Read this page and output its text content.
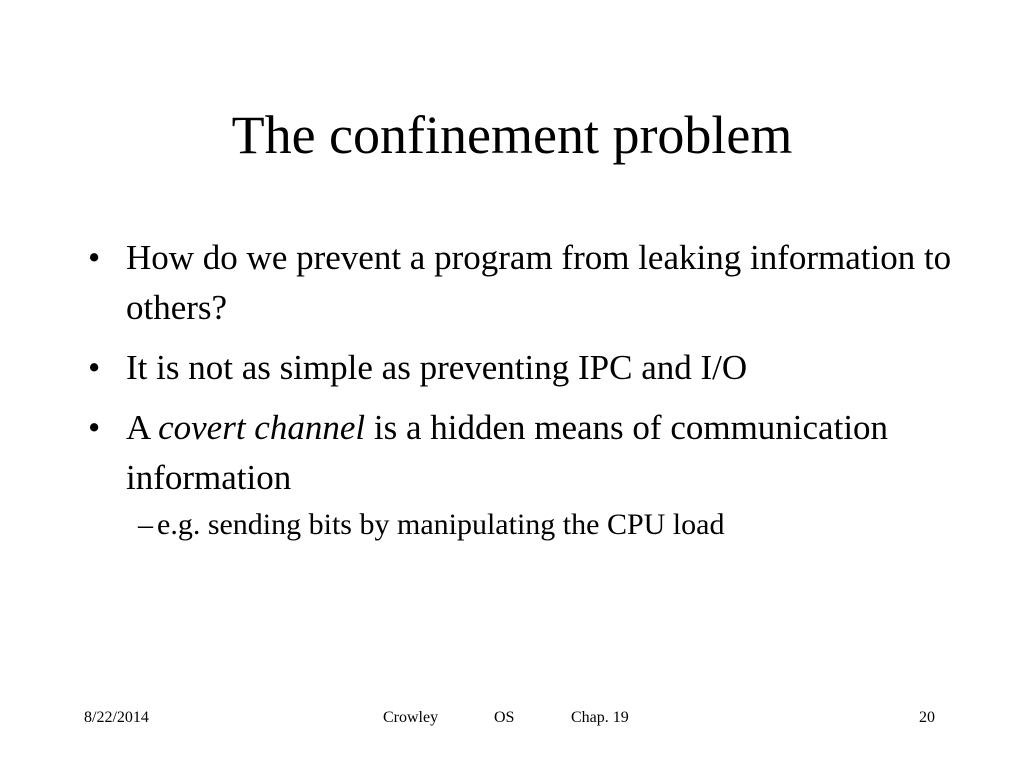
The confinement problem
• How do we prevent a program from leaking information to others?
• It is not as simple as preventing IPC and I/O
• A covert channel is a hidden means of communication information
– e.g. sending bits by manipulating the CPU load
8/22/2014	Crowley	OS	Chap. 19	20
